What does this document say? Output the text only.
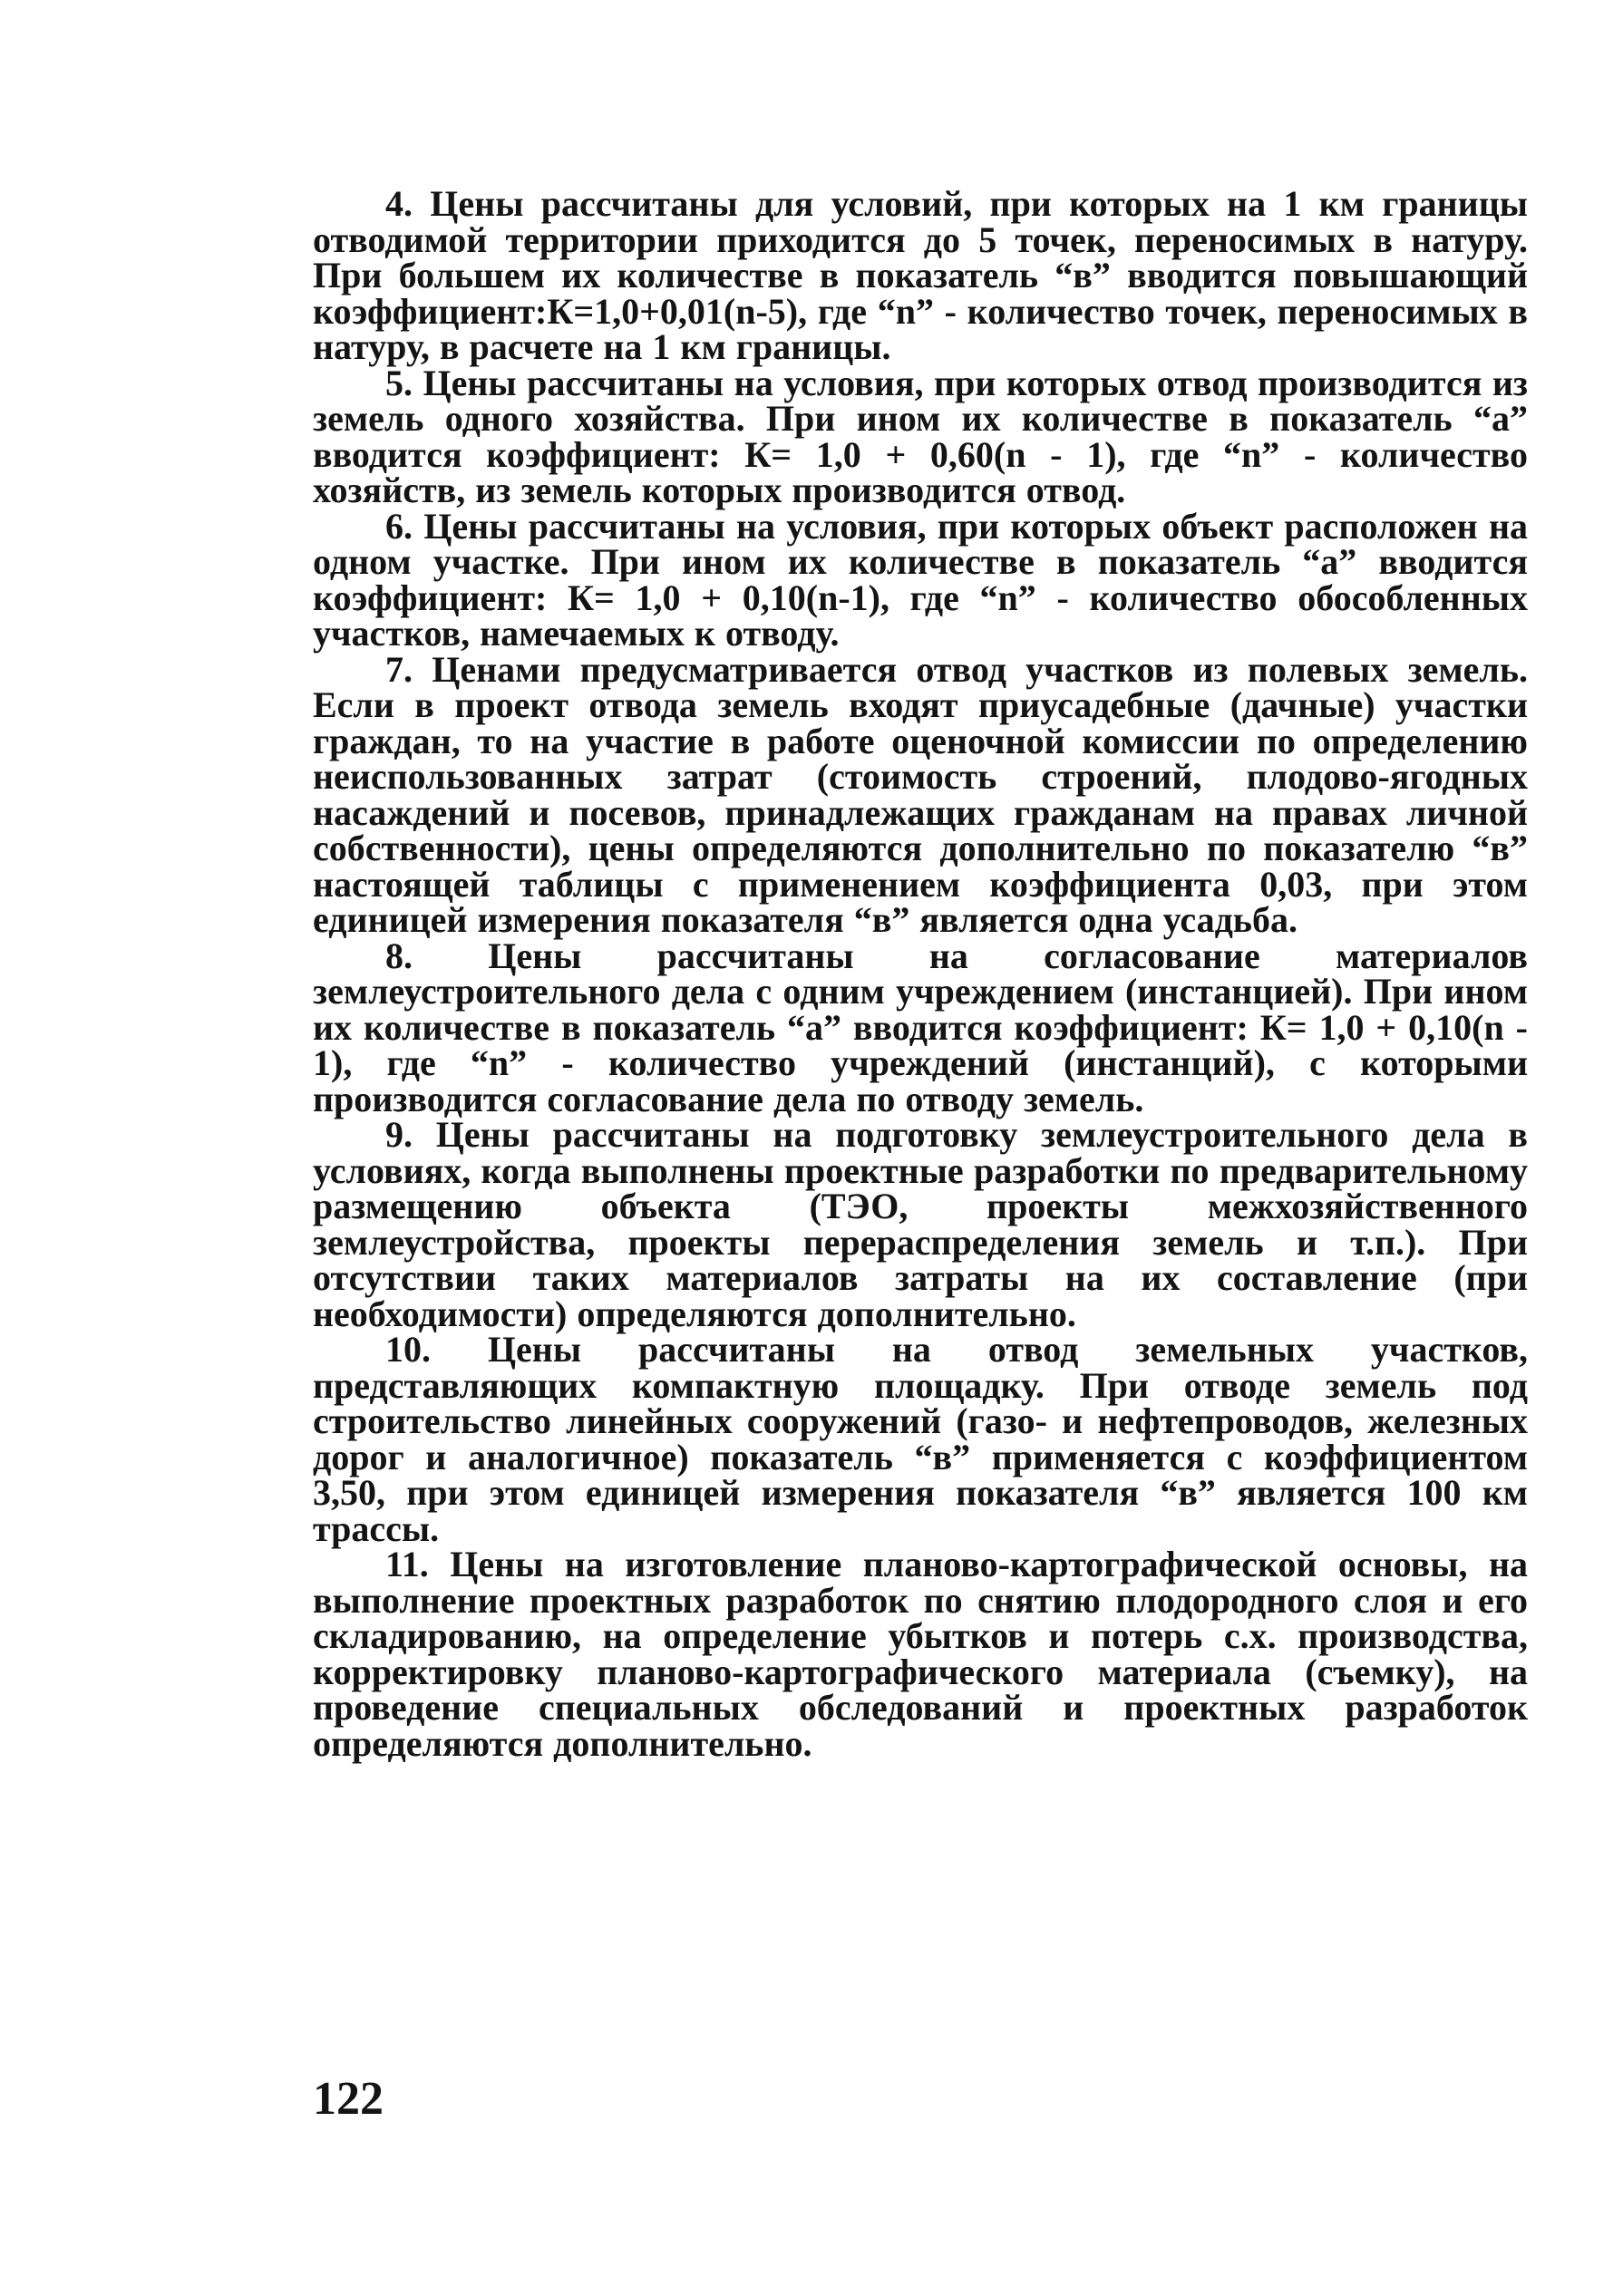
4. Цены рассчитаны для условий, при которых на 1 км границы отводимой территории приходится до 5 точек, переносимых в натуру. При большем их количестве в показатель “в” вводится повышающий коэффициент:К=1,0+0,01(n-5), где “n” - количество точек, переносимых в натуру, в расчете на 1 км границы.

5. Цены рассчитаны на условия, при которых отвод производится из земель одного хозяйства. При ином их количестве в показатель “а” вводится коэффициент: К= 1,0 + 0,60(n - 1), где “n” - количество хозяйств, из земель которых производится отвод.

6. Цены рассчитаны на условия, при которых объект расположен на одном участке. При ином их количестве в показатель “а” вводится коэффициент: К= 1,0 + 0,10(n-1), где “n” - количество обособленных участков, намечаемых к отводу.

7. Ценами предусматривается отвод участков из полевых земель. Если в проект отвода земель входят приусадебные (дачные) участки граждан, то на участие в работе оценочной комиссии по определению неиспользованных затрат (стоимость строений, плодово-ягодных насаждений и посевов, принадлежащих гражданам на правах личной собственности), цены определяются дополнительно по показателю “в” настоящей таблицы с применением коэффициента 0,03, при этом единицей измерения показателя “в” является одна усадьба.

8. Цены рассчитаны на согласование материалов землеустроительного дела с одним учреждением (инстанцией). При ином их количестве в показатель “а” вводится коэффициент: К= 1,0 + 0,10(n - 1), где “n” - количество учреждений (инстанций), с которыми производится согласование дела по отводу земель.

9. Цены рассчитаны на подготовку землеустроительного дела в условиях, когда выполнены проектные разработки по предварительному размещению объекта (ТЭО, проекты межхозяйственного землеустройства, проекты перераспределения земель и т.п.). При отсутствии таких материалов затраты на их составление (при необходимости) определяются дополнительно.

10. Цены рассчитаны на отвод земельных участков, представляющих компактную площадку. При отводе земель под строительство линейных сооружений (газо- и нефтепроводов, железных дорог и аналогичное) показатель “в” применяется с коэффициентом 3,50, при этом единицей измерения показателя “в” является 100 км трассы.

11. Цены на изготовление планово-картографической основы, на выполнение проектных разработок по снятию плодородного слоя и его складированию, на определение убытков и потерь с.х. производства, корректировку планово-картографического материала (съемку), на проведение специальных обследований и проектных разработок определяются дополнительно.

122
